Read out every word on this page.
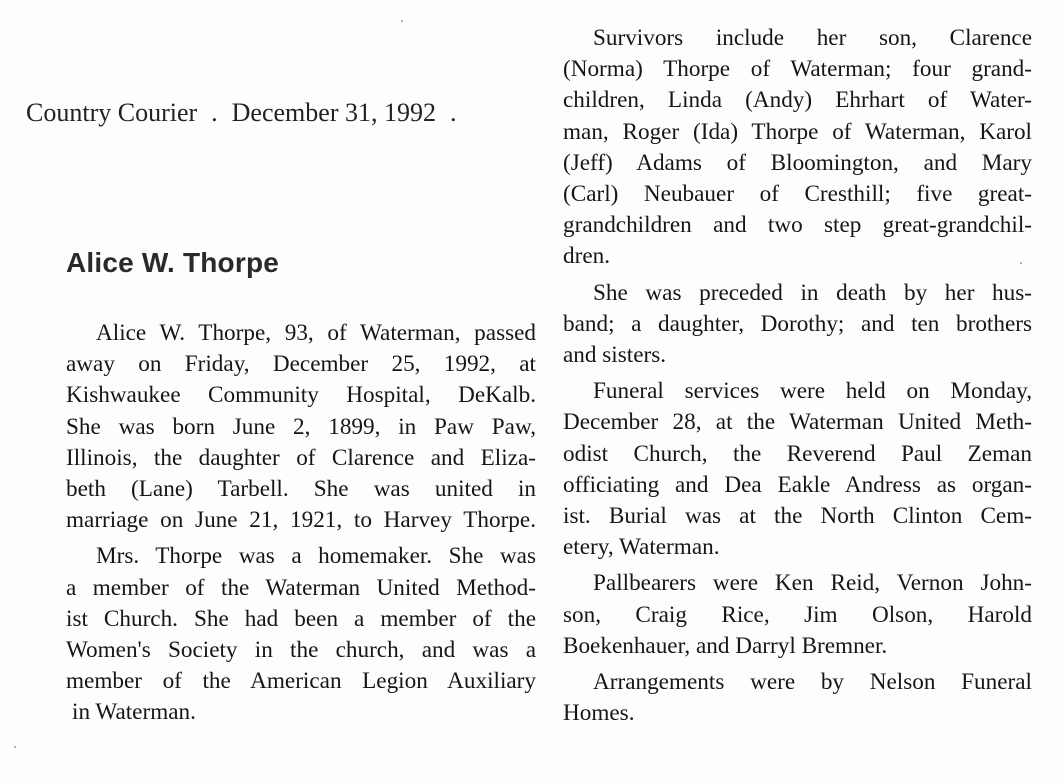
Country Courier . December 31, 1992 .
Alice W. Thorpe
Alice W. Thorpe, 93, of Waterman, passed
away on Friday, December 25, 1992, at
Kishwaukee Community Hospital, DeKalb.
She was born June 2, 1899, in Paw Paw,
Illinois, the daughter of Clarence and Eliza-
beth (Lane) Tarbell. She was united in
marriage on June 21, 1921, to Harvey Thorpe.
Mrs. Thorpe was a homemaker. She was
a member of the Waterman United Method-
ist Church. She had been a member of the
Women's Society in the church, and was a
member of the American Legion Auxiliary
in Waterman.
Survivors include her son, Clarence
(Norma) Thorpe of Waterman; four grand-
children, Linda (Andy) Ehrhart of Water-
man, Roger (Ida) Thorpe of Waterman, Karol
(Jeff) Adams of Bloomington, and Mary
(Carl) Neubauer of Cresthill; five great-
grandchildren and two step great-grandchil-
dren.
She was preceded in death by her hus-
band; a daughter, Dorothy; and ten brothers
and sisters.
Funeral services were held on Monday,
December 28, at the Waterman United Meth-
odist Church, the Reverend Paul Zeman
officiating and Dea Eakle Andress as organ-
ist. Burial was at the North Clinton Cem-
etery, Waterman.
Pallbearers were Ken Reid, Vernon John-
son, Craig Rice, Jim Olson, Harold
Boekenhauer, and Darryl Bremner.
Arrangements were by Nelson Funeral
Homes.
